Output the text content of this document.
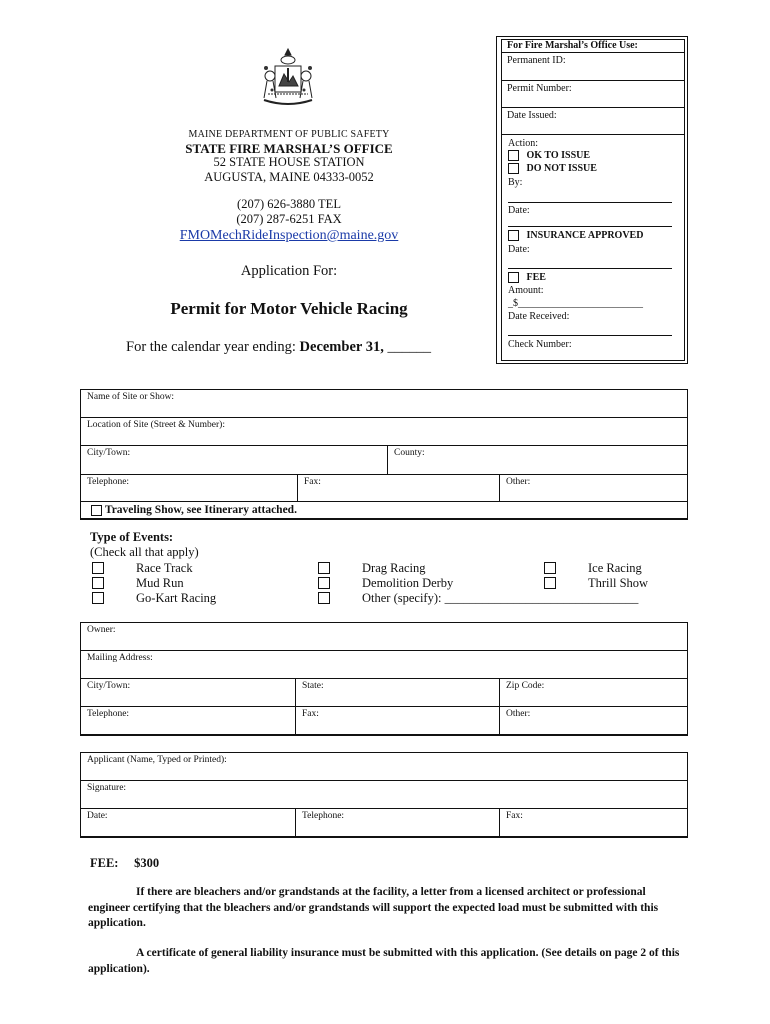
MAINE DEPARTMENT OF PUBLIC SAFETY
STATE FIRE MARSHAL’S OFFICE
52 STATE HOUSE STATION
AUGUSTA, MAINE 04333-0052
(207) 626-3880 TEL
(207) 287-6251 FAX
FMOMechRideInspection@maine.gov
Application For:
Permit for Motor Vehicle Racing
For the calendar year ending: December 31, ______
For Fire Marshal’s Office Use:
Permanent ID:
Permit Number:
Date Issued:
Action:
OK TO ISSUE
DO NOT ISSUE
By:
Date:
INSURANCE APPROVED
Date:
FEE
Amount:
_$_________________________
Date Received:
Check Number:
Name of Site or Show:
Location of Site (Street & Number):
City/Town:	County:
Telephone:	Fax:	Other:
Traveling Show, see Itinerary attached.
Type of Events:
(Check all that apply)
Race Track
Mud Run
Go-Kart Racing
Drag Racing
Demolition Derby
Other (specify): _______________________________
Ice Racing
Thrill Show
Owner:
Mailing Address:
City/Town:	State:	Zip Code:
Telephone:	Fax:	Other:
Applicant (Name, Typed or Printed):
Signature:
Date:	Telephone:	Fax:
FEE: $300
If there are bleachers and/or grandstands at the facility, a letter from a licensed architect or professional engineer certifying that the bleachers and/or grandstands will support the expected load must be submitted with this application.
A certificate of general liability insurance must be submitted with this application. (See details on page 2 of this application).
